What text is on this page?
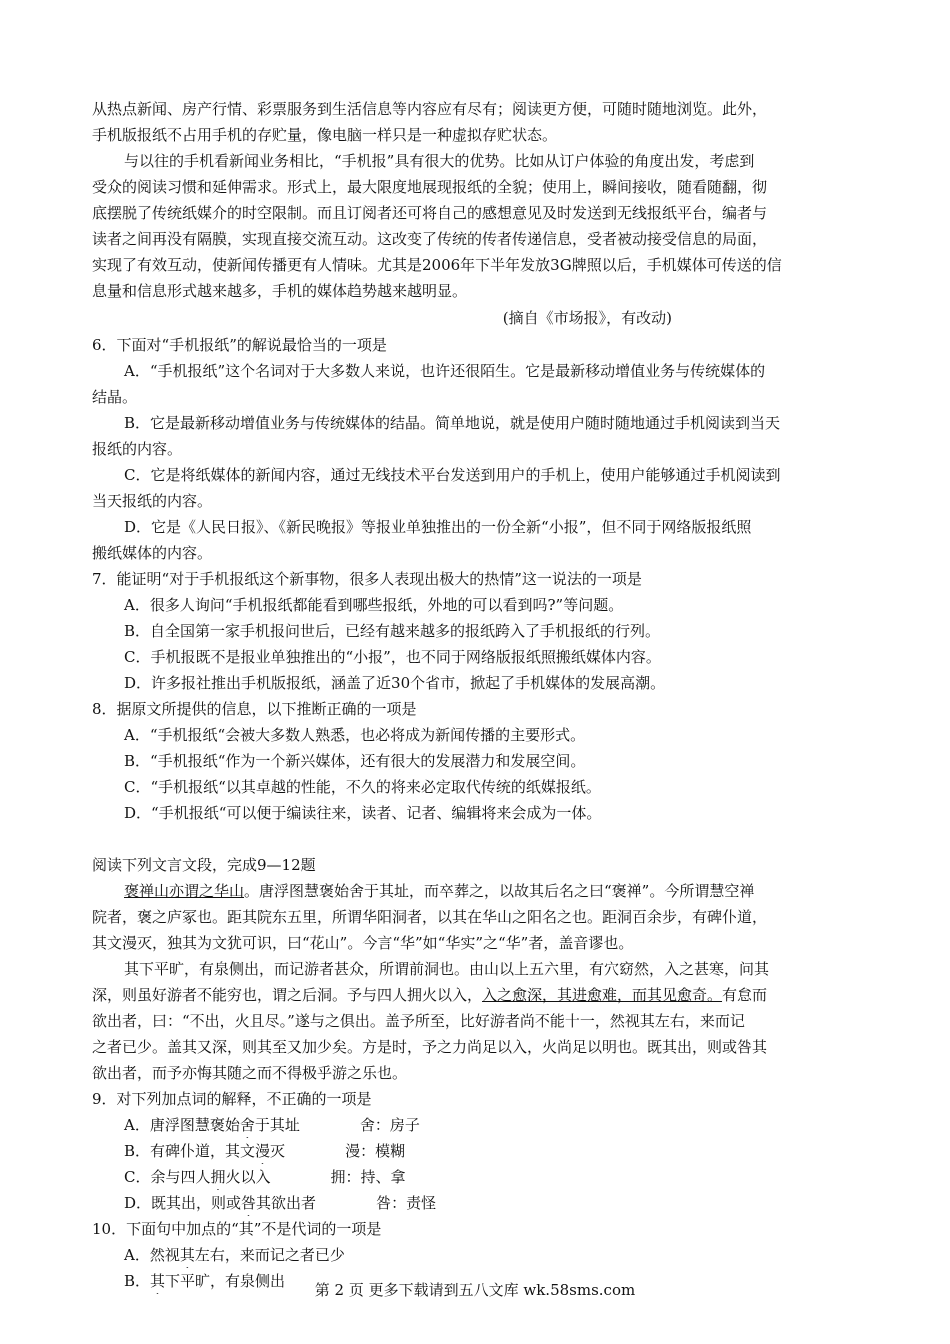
从热点新闻、房产行情、彩票服务到生活信息等内容应有尽有；阅读更方便，可随时随地浏览。此外，
手机版报纸不占用手机的存贮量，像电脑一样只是一种虚拟存贮状态。
与以往的手机看新闻业务相比，“手机报”具有很大的优势。比如从订户体验的角度出发，考虑到
受众的阅读习惯和延伸需求。形式上，最大限度地展现报纸的全貌；使用上，瞬间接收，随看随翻，彻
底摆脱了传统纸媒介的时空限制。而且订阅者还可将自己的感想意见及时发送到无线报纸平台，编者与
读者之间再没有隔膜，实现直接交流互动。这改变了传统的传者传递信息，受者被动接受信息的局面，
实现了有效互动，使新闻传播更有人情味。尤其是2006年下半年发放3G牌照以后，手机媒体可传送的信
息量和信息形式越来越多，手机的媒体趋势越来越明显。
(摘自《市场报》，有改动)
6．下面对“手机报纸”的解说最恰当的一项是
A．“手机报纸”这个名词对于大多数人来说，也许还很陌生。它是最新移动增值业务与传统媒体的
结晶。
B．它是最新移动增值业务与传统媒体的结晶。简单地说，就是使用户随时随地通过手机阅读到当天
报纸的内容。
C．它是将纸媒体的新闻内容，通过无线技术平台发送到用户的手机上，使用户能够通过手机阅读到
当天报纸的内容。
D．它是《人民日报》、《新民晚报》等报业单独推出的一份全新“小报”，但不同于网络版报纸照
搬纸媒体的内容。
7．能证明“对于手机报纸这个新事物，很多人表现出极大的热情”这一说法的一项是
A．很多人询问“手机报纸都能看到哪些报纸，外地的可以看到吗?”等问题。
B．自全国第一家手机报问世后，已经有越来越多的报纸跨入了手机报纸的行列。
C．手机报既不是报业单独推出的“小报”，也不同于网络版报纸照搬纸媒体内容。
D．许多报社推出手机版报纸，涵盖了近30个省市，掀起了手机媒体的发展高潮。
8．据原文所提供的信息，以下推断正确的一项是
A．“手机报纸“会被大多数人熟悉，也必将成为新闻传播的主要形式。
B．“手机报纸“作为一个新兴媒体，还有很大的发展潜力和发展空间。
C．“手机报纸“以其卓越的性能，不久的将来必定取代传统的纸媒报纸。
D．“手机报纸“可以便于编读往来，读者、记者、编辑将来会成为一体。
阅读下列文言文段，完成9—12题
褒禅山亦谓之华山。唐浮图慧褒始舍于其址，而卒葬之，以故其后名之曰“褒禅”。今所谓慧空禅
院者，褒之庐冢也。距其院东五里，所谓华阳洞者，以其在华山之阳名之也。距洞百余步，有碑仆道，
其文漫灭，独其为文犹可识，曰“花山”。今言“华”如“华实”之“华”者，盖音谬也。
其下平旷，有泉侧出，而记游者甚众，所谓前洞也。由山以上五六里，有穴窈然，入之甚寒，问其
深，则虽好游者不能穷也，谓之后洞。予与四人拥火以入，入之愈深，其进愈难，而其见愈奇。有怠而
欲出者，曰：“不出，火且尽。”遂与之俱出。盖予所至，比好游者尚不能十一，然视其左右，来而记
之者已少。盖其又深，则其至又加少矣。方是时，予之力尚足以入，火尚足以明也。既其出，则或咎其
欲出者，而予亦悔其随之而不得极乎游之乐也。
9．对下列加点词的解释，不正确的一项是
A．唐浮图慧褒始舍于其址	舍：房子
B．有碑仆道，其文漫灭	漫：模糊
C．余与四人拥火以入	拥：持、拿
D．既其出，则或咎其欲出者	咎：责怪
10．下面句中加点的“其”不是代词的一项是
A．然视其左右，来而记之者已少
B．其下平旷，有泉侧出	第 2 页 更多下载请到五八文库 wk.58sms.com
